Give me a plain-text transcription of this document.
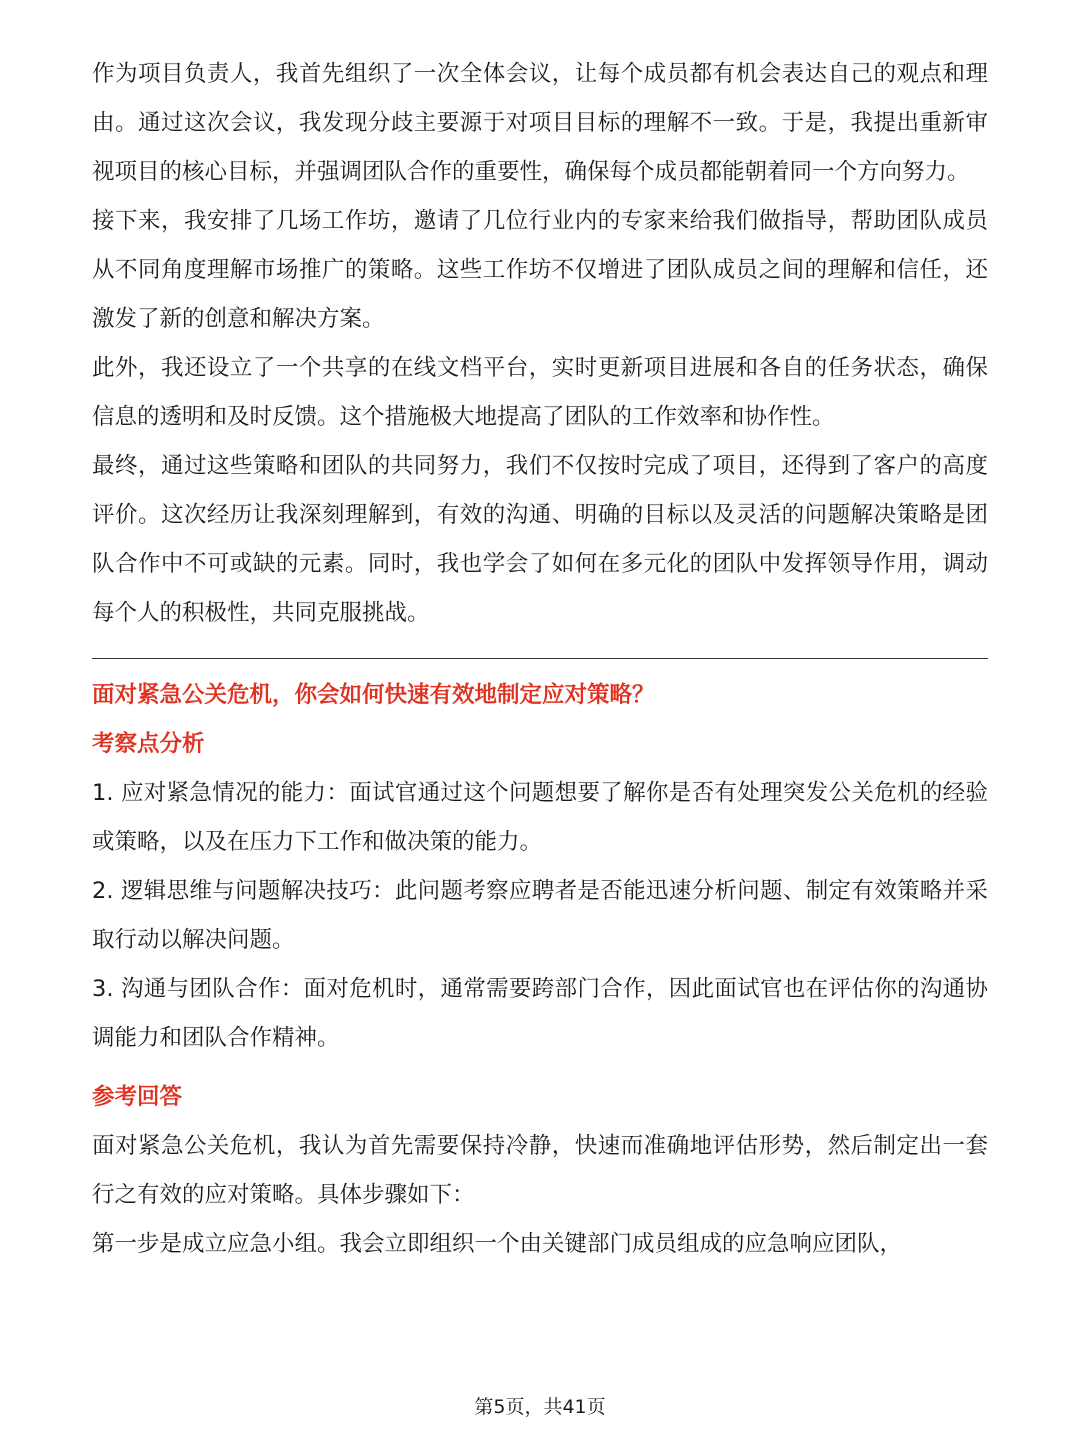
作为项目负责人，我首先组织了一次全体会议，让每个成员都有机会表达自己的观点和理由。通过这次会议，我发现分歧主要源于对项目目标的理解不一致。于是，我提出重新审视项目的核心目标，并强调团队合作的重要性，确保每个成员都能朝着同一个方向努力。

接下来，我安排了几场工作坊，邀请了几位行业内的专家来给我们做指导，帮助团队成员从不同角度理解市场推广的策略。这些工作坊不仅增进了团队成员之间的理解和信任，还激发了新的创意和解决方案。

此外，我还设立了一个共享的在线文档平台，实时更新项目进展和各自的任务状态，确保信息的透明和及时反馈。这个措施极大地提高了团队的工作效率和协作性。

最终，通过这些策略和团队的共同努力，我们不仅按时完成了项目，还得到了客户的高度评价。这次经历让我深刻理解到，有效的沟通、明确的目标以及灵活的问题解决策略是团队合作中不可或缺的元素。同时，我也学会了如何在多元化的团队中发挥领导作用，调动每个人的积极性，共同克服挑战。

面对紧急公关危机，你会如何快速有效地制定应对策略？

考察点分析

1. 应对紧急情况的能力：面试官通过这个问题想要了解你是否有处理突发公关危机的经验或策略，以及在压力下工作和做决策的能力。

2. 逻辑思维与问题解决技巧：此问题考察应聘者是否能迅速分析问题、制定有效策略并采取行动以解决问题。

3. 沟通与团队合作：面对危机时，通常需要跨部门合作，因此面试官也在评估你的沟通协调能力和团队合作精神。

参考回答

面对紧急公关危机，我认为首先需要保持冷静，快速而准确地评估形势，然后制定出一套行之有效的应对策略。具体步骤如下：

第一步是成立应急小组。我会立即组织一个由关键部门成员组成的应急响应团队，

第5页，共41页
